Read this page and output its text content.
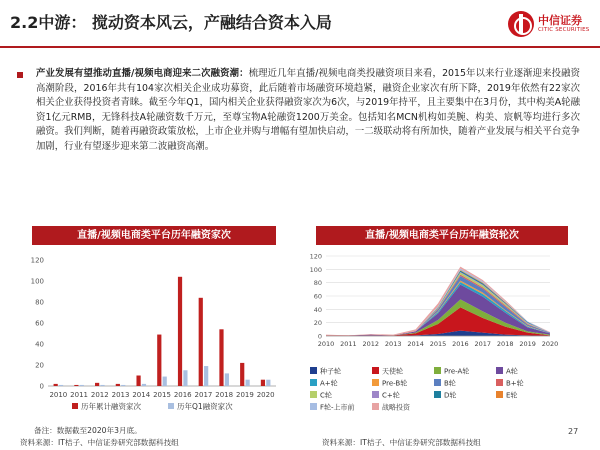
2.2中游： 搅动资本风云，产融结合资本入局	中信证券
CITIC SECURITIES
产业发展有望推动直播/视频电商迎来二次融资潮：梳理近几年直播/视频电商类投融资项目来看，2015年以来行业逐渐迎来投融资高潮阶段，2016年共有104家次相关企业成功募资，此后随着市场融资环境趋紧，融资企业家次有所下降，2019年依然有22家次相关企业获得投资者青睐。截至今年Q1，国内相关企业获得融资家次为6次，与2019年持平，且主要集中在3月份，其中构美A轮融资1亿元RMB，无锋科技A轮融资数千万元，至尊宝物A轮融资1200万美金。包括知名MCN机构如美腕、构美、宸帆等均进行多次融资。我们判断，随着再融资政策放松，上市企业并购与增幅有望加快启动，一二级联动将有所加快，随着产业发展与相关平台竞争加剧，行业有望逐步迎来第二波融资高潮。
直播/视频电商类平台历年融资家次	直播/视频电商类平台历年融资轮次
0
20
40
60
80
100
120
2010 2011 2012 2013 2014 2015 2016 2017 2018 2019 2020
历年累计融资家次	历年Q1融资家次
0
20
40
60
80
100
120
2010 2011 2012 2013 2014 2015 2016 2017 2018 2019 2020
种子轮	天使轮	Pre-A轮	A轮
A+轮	Pre-B轮	B轮	B+轮
C轮	C+轮	D轮	E轮
F轮-上市前	战略投资
备注：数据截至2020年3月底。
资料来源：IT桔子、中信证券研究部数据科技组	资料来源：IT桔子、中信证券研究部数据科技组
27
